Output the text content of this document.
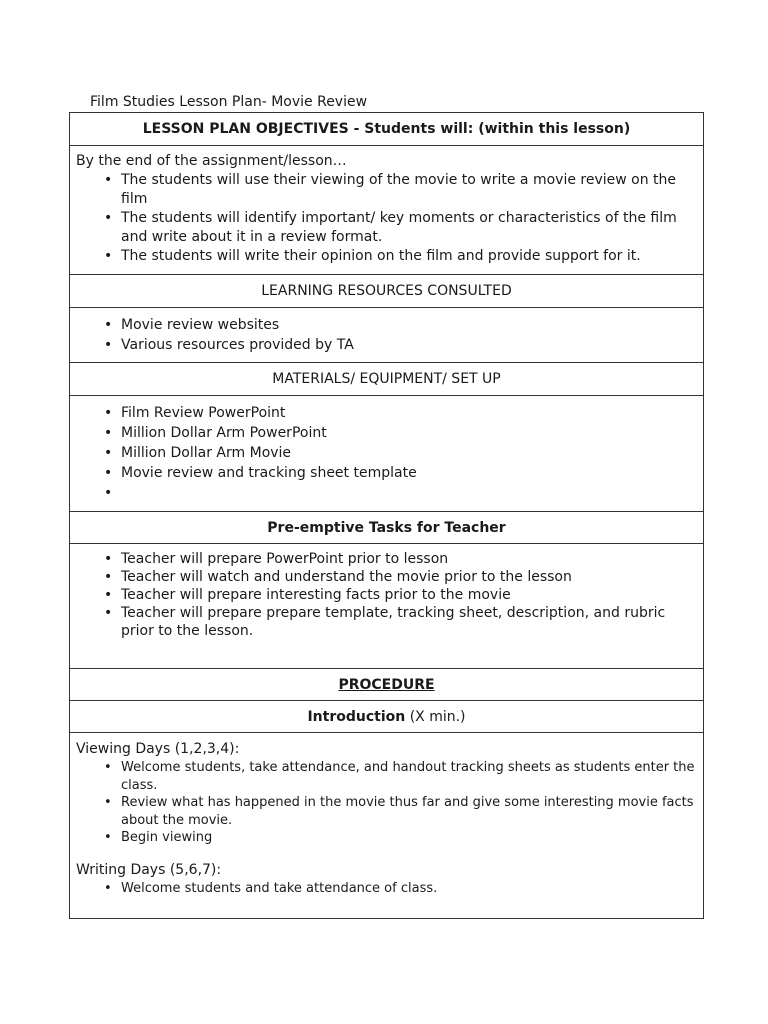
Film Studies Lesson Plan- Movie Review
LESSON PLAN OBJECTIVES - Students will: (within this lesson)
By the end of the assignment/lesson…
• The students will use their viewing of the movie to write a movie review on the film
• The students will identify important/ key moments or characteristics of the film and write about it in a review format.
• The students will write their opinion on the film and provide support for it.
LEARNING RESOURCES CONSULTED
• Movie review websites
• Various resources provided by TA
MATERIALS/ EQUIPMENT/ SET UP
• Film Review PowerPoint
• Million Dollar Arm PowerPoint
• Million Dollar Arm Movie
• Movie review and tracking sheet template
•
Pre-emptive Tasks for Teacher
• Teacher will prepare PowerPoint prior to lesson
• Teacher will watch and understand the movie prior to the lesson
• Teacher will prepare interesting facts prior to the movie
• Teacher will prepare prepare template, tracking sheet, description, and rubric prior to the lesson.
PROCEDURE
Introduction
(X min.)
Viewing Days (1,2,3,4):
• Welcome students, take attendance, and handout tracking sheets as students enter the class.
• Review what has happened in the movie thus far and give some interesting movie facts about the movie.
• Begin viewing
Writing Days (5,6,7):
• Welcome students and take attendance of class.
